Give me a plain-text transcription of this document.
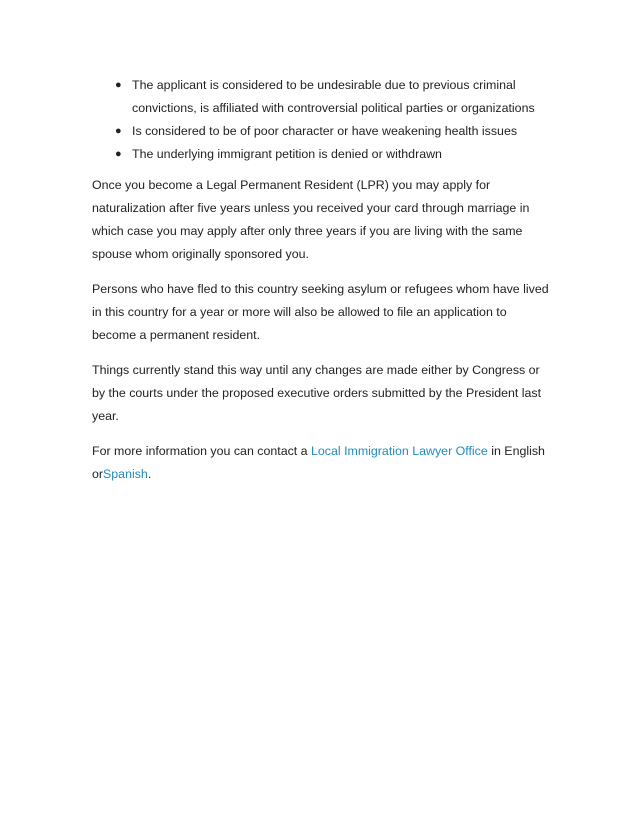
● The applicant is considered to be undesirable due to previous criminal convictions, is affiliated with controversial political parties or organizations
● Is considered to be of poor character or have weakening health issues
● The underlying immigrant petition is denied or withdrawn

Once you become a Legal Permanent Resident (LPR) you may apply for naturalization after five years unless you received your card through marriage in which case you may apply after only three years if you are living with the same spouse whom originally sponsored you.

Persons who have fled to this country seeking asylum or refugees whom have lived in this country for a year or more will also be allowed to file an application to become a permanent resident.

Things currently stand this way until any changes are made either by Congress or by the courts under the proposed executive orders submitted by the President last year.

For more information you can contact a Local Immigration Lawyer Office in English orSpanish.
